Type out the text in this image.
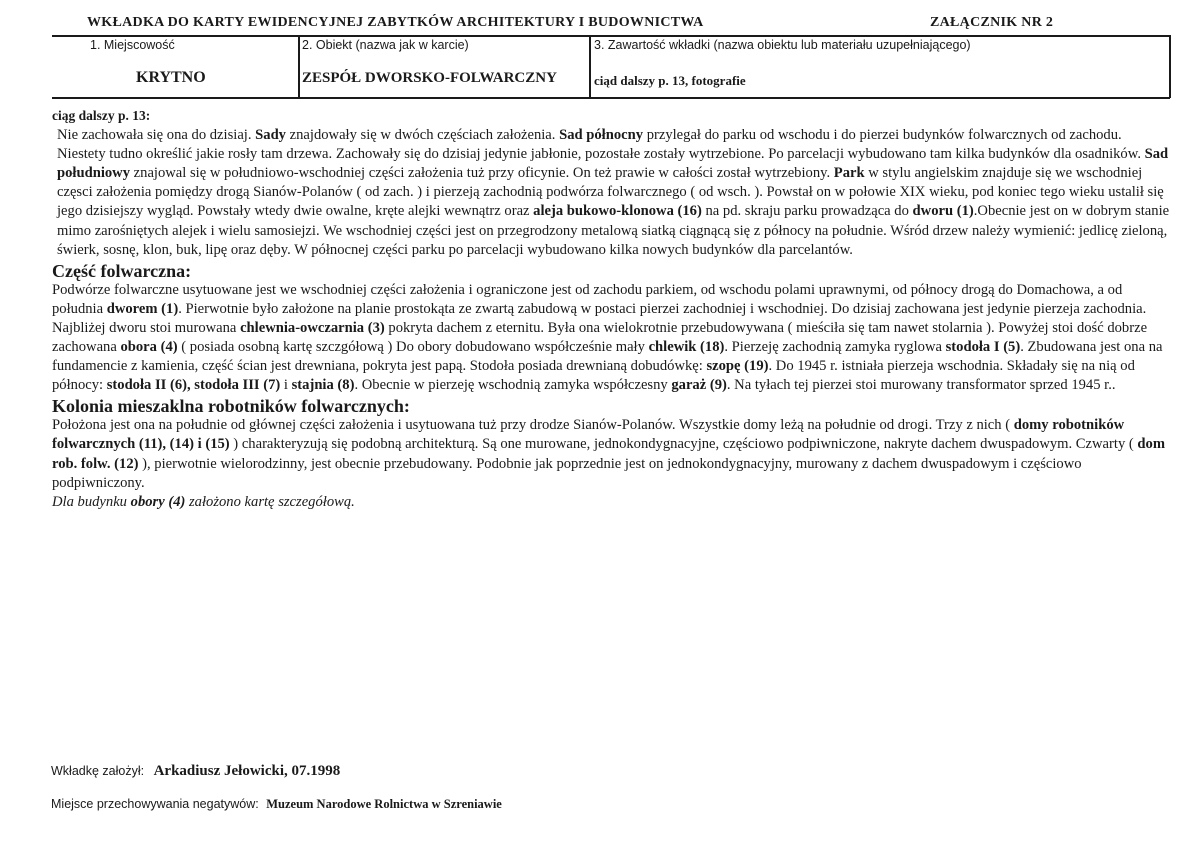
WKŁADKA DO KARTY EWIDENCYJNEJ ZABYTKÓW ARCHITEKTURY I BUDOWNICTWA	ZAŁĄCZNIK NR 2
1. Miejscowość
KRYTNO
2. Obiekt (nazwa jak w karcie)
ZESPÓŁ DWORSKO-FOLWARCZNY
3. Zawartość wkładki (nazwa obiektu lub materiału uzupełniającego)
ciąd dalszy p. 13, fotografie
ciąg dalszy p. 13:

Nie zachowała się ona do dzisiaj. Sady znajdowały się w dwóch częściach założenia. Sad północny przylegał do parku od wschodu i do pierzei budynków folwarcznych od zachodu. Niestety tudno określić jakie rosły tam drzewa. Zachowały się do dzisiaj jedynie jabłonie, pozostałe zostały wytrzebione. Po parcelacji wybudowano tam kilka budynków dla osadników. Sad południowy znajowal się w południowo-wschodniej części założenia tuż przy oficynie. On też prawie w całości został wytrzebiony. Park w stylu angielskim znajduje się we wschodniej częsci założenia pomiędzy drogą Sianów-Polanów ( od zach. ) i pierzeją zachodnią podwórza folwarcznego ( od wsch. ). Powstał on w połowie XIX wieku, pod koniec tego wieku ustalił się jego dzisiejszy wygląd. Powstały wtedy dwie owalne, kręte alejki wewnątrz oraz aleja bukowo-klonowa (16) na pd. skraju parku prowadząca do dworu (1).Obecnie jest on w dobrym stanie mimo zarośniętych alejek i wielu samosiejzi. We wschodniej części jest on przegrodzony metalową siatką ciągnącą się z północy na południe. Wśród drzew należy wymienić: jedlicę zieloną, świerk, sosnę, klon, buk, lipę oraz dęby. W północnej części parku po parcelacji wybudowano kilka nowych budynków dla parcelantów.

Część folwarczna:

Podwórze folwarczne usytuowane jest we wschodniej części założenia i ograniczone jest od zachodu parkiem, od wschodu polami uprawnymi, od północy drogą do Domachowa, a od południa dworem (1). Pierwotnie było założone na planie prostokąta ze zwartą zabudową w postaci pierzei zachodniej i wschodniej. Do dzisiaj zachowana jest jedynie pierzeja zachodnia. Najbliżej dworu stoi murowana chlewnia-owczarnia (3) pokryta dachem z eternitu. Była ona wielokrotnie przebudowywana ( mieściła się tam nawet stolarnia ). Powyżej stoi dość dobrze zachowana obora (4) ( posiada osobną kartę szczgółową ) Do obory dobudowano współcześnie mały chlewik (18). Pierzeję zachodnią zamyka ryglowa stodoła I (5). Zbudowana jest ona na fundamencie z kamienia, część ścian jest drewniana, pokryta jest papą. Stodoła posiada drewnianą dobudówkę: szopę (19). Do 1945 r. istniała pierzeja wschodnia. Składały się na nią od północy: stodoła II (6), stodoła III (7) i stajnia (8). Obecnie w pierzeję wschodnią zamyka współczesny garaż (9). Na tyłach tej pierzei stoi murowany transformator sprzed 1945 r..

Kolonia mieszaklna robotników folwarcznych:

Położona jest ona na południe od głównej części założenia i usytuowana tuż przy drodze Sianów-Polanów. Wszystkie domy leżą na południe od drogi. Trzy z nich ( domy robotników folwarcznych (11), (14) i (15) ) charakteryzują się podobną architekturą. Są one murowane, jednokondygnacyjne, częściowo podpiwniczone, nakryte dachem dwuspadowym. Czwarty ( dom rob. folw. (12) ), pierwotnie wielorodzinny, jest obecnie przebudowany. Podobnie jak poprzednie jest on jednokondygnacyjny, murowany z dachem dwuspadowym i częściowo podpiwniczony.

Dla budynku obory (4) założono kartę szczegółową.

Wkładkę założył: Arkadiusz Jełowicki, 07.1998
Miejsce przechowywania negatywów: Muzeum Narodowe Rolnictwa w Szreniawie
